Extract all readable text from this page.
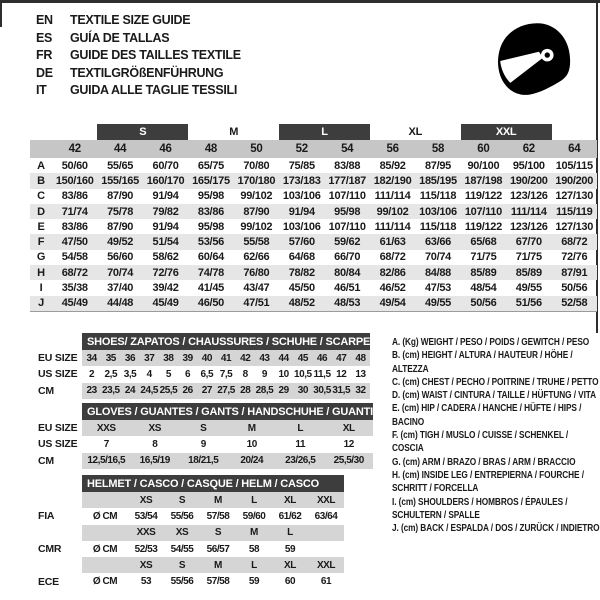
EN TEXTILE SIZE GUIDE
ES GUÍA DE TALLAS
FR GUIDE DES TAILLES TEXTILE
DE TEXTILGRÖßENFÜHRUNG
IT GUIDA ALLE TAGLIE TESSILI
		S		M		L		XL		XXL		
	42	44	46	48	50	52	54	56	58	60	62	64
A	50/60	55/65	60/70	65/75	70/80	75/85	83/88	85/92	87/95	90/100	95/100	105/115
B	150/160	155/165	160/170	165/175	170/180	173/183	177/187	182/190	185/195	187/198	190/200	190/200
C	83/86	87/90	91/94	95/98	99/102	103/106	107/110	111/114	115/118	119/122	123/126	127/130
D	71/74	75/78	79/82	83/86	87/90	91/94	95/98	99/102	103/106	107/110	111/114	115/119
E	83/86	87/90	91/94	95/98	99/102	103/106	107/110	111/114	115/118	119/122	123/126	127/130
F	47/50	49/52	51/54	53/56	55/58	57/60	59/62	61/63	63/66	65/68	67/70	68/72
G	54/58	56/60	58/62	60/64	62/66	64/68	66/70	68/72	70/74	71/75	71/75	72/76
H	68/72	70/74	72/76	74/78	76/80	78/82	80/84	82/86	84/88	85/89	85/89	87/91
I	35/38	37/40	39/42	41/45	43/47	45/50	46/51	46/52	47/53	48/54	49/55	50/56
J	45/49	44/48	45/49	46/50	47/51	48/52	48/53	49/54	49/55	50/56	51/56	52/58
	SHOES/ ZAPATOS / CHAUSSURES / SCHUHE / SCARPE														
EU SIZE	34	35	36	37	38	39	40	41	42	43	44	45	46	47	48
US SIZE	2	2,5	3,5	4	5	6	6,5	7,5	8	9	10	10,5	11,5	12	13
CM	23	23,5	24	24,5	25,5	26	27	27,5	28	28,5	29	30	30,5	31,5	32
	GLOVES / GUANTES / GANTS / HANDSCHUHE / GUANTI					
EU SIZE	XXS	XS	S	M	L	XL
US SIZE	7	8	9	10	11	12
CM	12,5/16,5	16,5/19	18/21,5	20/24	23/26,5	25,5/30
	HELMET / CASCO / CASQUE / HELM / CASCO						
		XS	S	M	L	XL	XXL
FIA	Ø CM	53/54	55/56	57/58	59/60	61/62	63/64
		XXS	XS	S	M	L	
CMR	Ø CM	52/53	54/55	56/57	58	59	
		XS	S	M	L	XL	XXL
ECE	Ø CM	53	55/56	57/58	59	60	61
A. (Kg) WEIGHT / PESO / POIDS / GEWITCH / PESO
B. (cm) HEIGHT / ALTURA / HAUTEUR / HÖHE / ALTEZZA
C. (cm) CHEST / PECHO / POITRINE / TRUHE / PETTO
D. (cm) WAIST / CINTURA / TAILLE / HÜFTUNG / VITA
E. (cm) HIP / CADERA / HANCHE / HÜFTE / HIPS / BACINO
F. (cm) TIGH / MUSLO / CUISSE / SCHENKEL / COSCIA
G. (cm) ARM / BRAZO / BRAS / ARM / BRACCIO
H. (cm) INSIDE LEG / ENTREPIERNA / FOURCHE / SCHRITT / FORCELLA
I. (cm) SHOULDERS / HOMBROS / ÉPAULES / SCHULTERN / SPALLE
J. (cm) BACK / ESPALDA / DOS / ZURÜCK / INDIETRO
